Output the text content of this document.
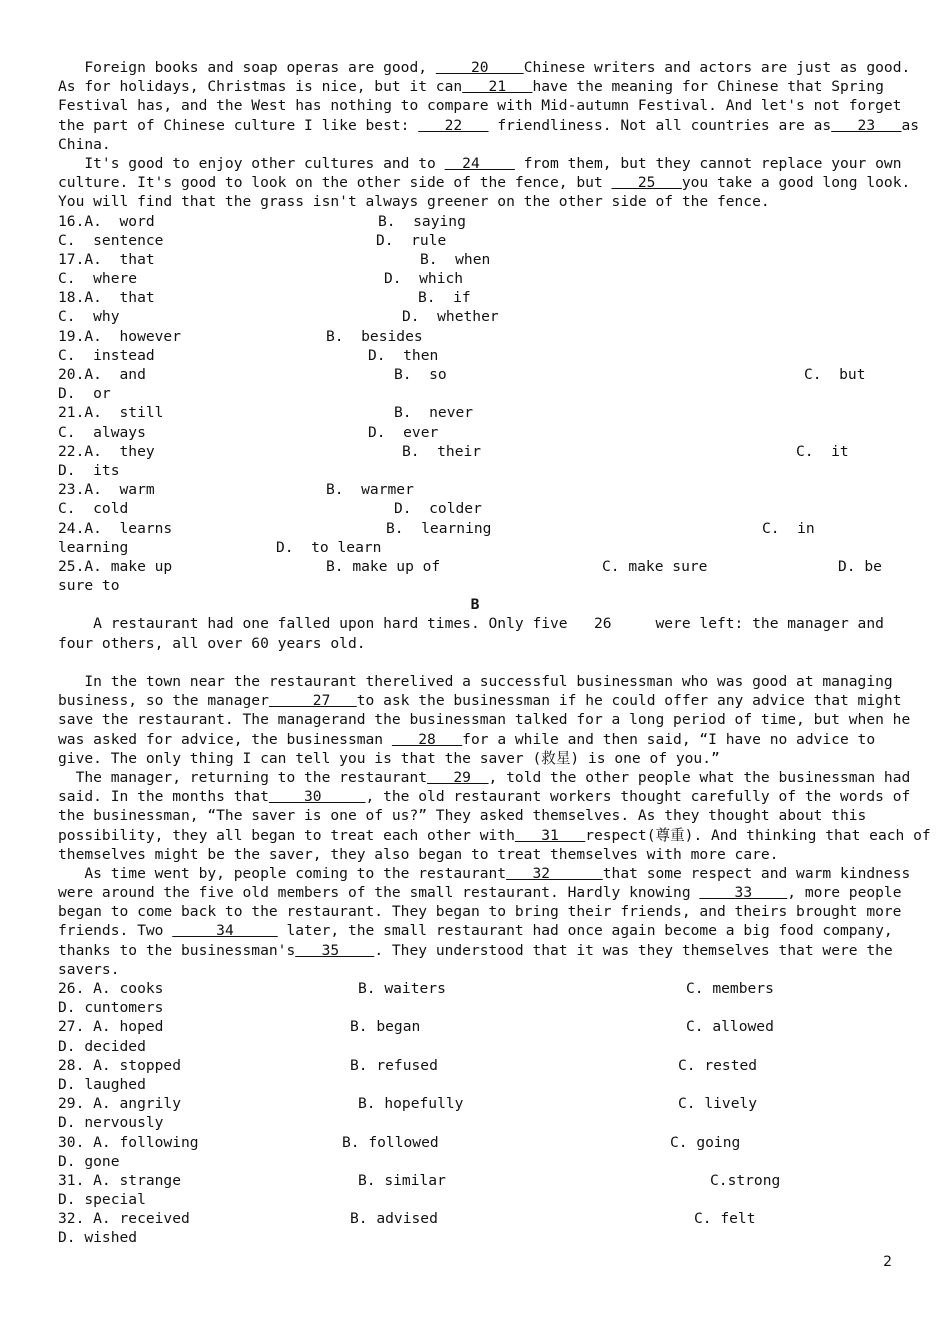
Foreign books and soap operas are good,     20    Chinese writers and actors are just as good.
As for holidays, Christmas is nice, but it can   21   have the meaning for Chinese that Spring
Festival has, and the West has nothing to compare with Mid-autumn Festival. And let's not forget
the part of Chinese culture I like best:    22    friendliness. Not all countries are as   23   as
China.
It's good to enjoy other cultures and to   24     from them, but they cannot replace your own
culture. It's good to look on the other side of the fence, but    25   you take a good long look.
You will find that the grass isn't always greener on the other side of the fence.
16.A.  word	B.  saying
C.  sentence	D.  rule
17.A.  that	B.  when
C.  where	D.  which
18.A.  that	B.  if
C.  why	D.  whether
19.A.  however	B.  besides
C.  instead	D.  then
20.A.  and	B.  so	C.  but
D.  or
21.A.  still	B.  never
C.  always	D.  ever
22.A.  they	B.  their	C.  it
D.  its
23.A.  warm	B.  warmer
C.  cold	D.  colder
24.A.  learns	B.  learning	C.  in
learning	D.  to learn
25.A. make up	B. make up of	C. make sure	D. be
sure to
B
A restaurant had one falled upon hard times. Only five   26     were left: the manager and
four others, all over 60 years old.
In the town near the restaurant therelived a successful businessman who was good at managing
business, so the manager     27   to ask the businessman if he could offer any advice that might
save the restaurant. The managerand the businessman talked for a long period of time, but when he
was asked for advice, the businessman    28   for a while and then said, “I have no advice to
give. The only thing I can tell you is that the saver (救星) is one of you.”
The manager, returning to the restaurant   29  , told the other people what the businessman had
said. In the months that    30     , the old restaurant workers thought carefully of the words of
the businessman, “The saver is one of us?” They asked themselves. As they thought about this
possibility, they all began to treat each other with   31   respect(尊重). And thinking that each of
themselves might be the saver, they also began to treat themselves with more care.
As time went by, people coming to the restaurant   32      that some respect and warm kindness
were around the five old members of the small restaurant. Hardly knowing     33    , more people
began to come back to the restaurant. They began to bring their friends, and theirs brought more
friends. Two      34      later, the small restaurant had once again become a big food company,
thanks to the businessman's   35    . They understood that it was they themselves that were the
savers.
26. A. cooks	B. waiters	C. members
D. cuntomers
27. A. hoped	B. began	C. allowed
D. decided
28. A. stopped	B. refused	C. rested
D. laughed
29. A. angrily	B. hopefully	C. lively
D. nervously
30. A. following	B. followed	C. going
D. gone
31. A. strange	B. similar	C.strong
D. special
32. A. received	B. advised	C. felt
D. wished
2
